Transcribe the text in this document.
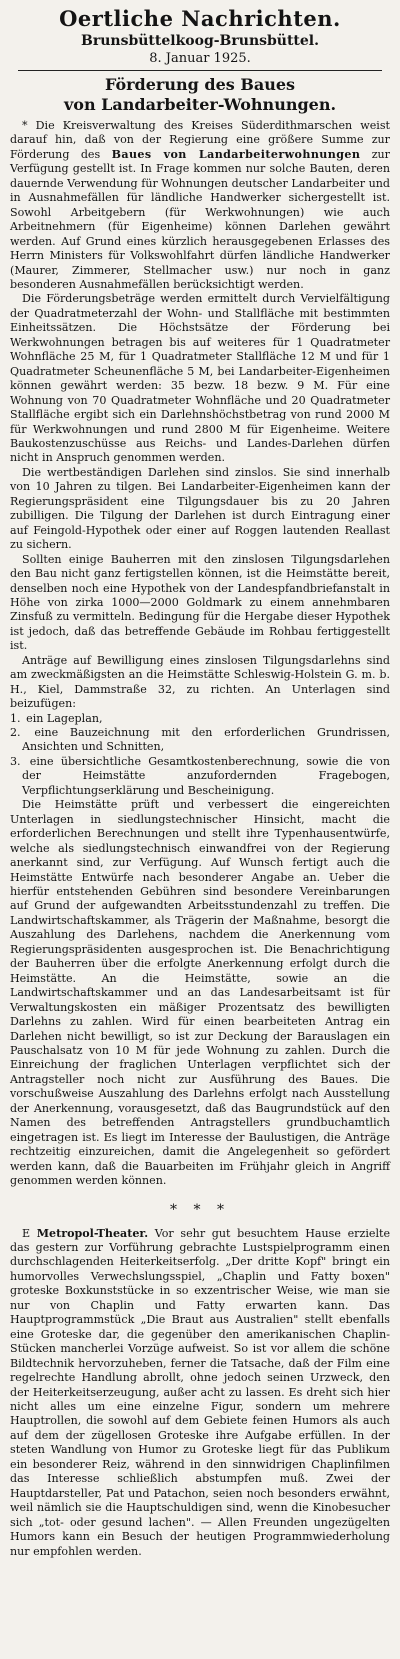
Oertliche Nachrichten.
Brunsbüttelkoog-Brunsbüttel.
8. Januar 1925.
Förderung des Baues
von Landarbeiter-Wohnungen.

* Die Kreisverwaltung des Kreises Süderdithmarschen weist darauf hin, daß von der Regierung eine größere Summe zur Förderung des Baues von Landarbeiterwohnungen zur Verfügung gestellt ist. In Frage kommen nur solche Bauten, deren dauernde Verwendung für Wohnungen deutscher Landarbeiter und in Ausnahmefällen für ländliche Handwerker sichergestellt ist. Sowohl Arbeitgebern (für Werkwohnungen) wie auch Arbeitnehmern (für Eigenheime) können Darlehen gewährt werden. Auf Grund eines kürzlich herausgegebenen Erlasses des Herrn Ministers für Volkswohlfahrt dürfen ländliche Handwerker (Maurer, Zimmerer, Stellmacher usw.) nur noch in ganz besonderen Ausnahmefällen berücksichtigt werden.

Die Förderungsbeträge werden ermittelt durch Vervielfältigung der Quadratmeterzahl der Wohn- und Stallfläche mit bestimmten Einheitssätzen. Die Höchstsätze der Förderung bei Werkwohnungen betragen bis auf weiteres für 1 Quadratmeter Wohnfläche 25 M, für 1 Quadratmeter Stallfläche 12 M und für 1 Quadratmeter Scheunenfläche 5 M, bei Landarbeiter-Eigenheimen können gewährt werden: 35 bezw. 18 bezw. 9 M. Für eine Wohnung von 70 Quadratmeter Wohnfläche und 20 Quadratmeter Stallfläche ergibt sich ein Darlehnshöchstbetrag von rund 2000 M für Werkwohnungen und rund 2800 M für Eigenheime. Weitere Baukostenzuschüsse aus Reichs- und Landes-Darlehen dürfen nicht in Anspruch genommen werden.

Die wertbeständigen Darlehen sind zinslos. Sie sind innerhalb von 10 Jahren zu tilgen. Bei Landarbeiter-Eigenheimen kann der Regierungspräsident eine Tilgungsdauer bis zu 20 Jahren zubilligen. Die Tilgung der Darlehen ist durch Eintragung einer auf Feingold-Hypothek oder einer auf Roggen lautenden Reallast zu sichern.

Sollten einige Bauherren mit den zinslosen Tilgungsdarlehen den Bau nicht ganz fertigstellen können, ist die Heimstätte bereit, denselben noch eine Hypothek von der Landespfandbriefanstalt in Höhe von zirka 1000—2000 Goldmark zu einem annehmbaren Zinsfuß zu vermitteln. Bedingung für die Hergabe dieser Hypothek ist jedoch, daß das betreffende Gebäude im Rohbau fertiggestellt ist.

Anträge auf Bewilligung eines zinslosen Tilgungsdarlehns sind am zweckmäßigsten an die Heimstätte Schleswig-Holstein G. m. b. H., Kiel, Dammstraße 32, zu richten. An Unterlagen sind beizufügen:

1. ein Lageplan,
2. eine Bauzeichnung mit den erforderlichen Grundrissen, Ansichten und Schnitten,
3. eine übersichtliche Gesamtkostenberechnung, sowie die von der Heimstätte anzufordernden Fragebogen, Verpflichtungserklärung und Bescheinigung.

Die Heimstätte prüft und verbessert die eingereichten Unterlagen in siedlungstechnischer Hinsicht, macht die erforderlichen Berechnungen und stellt ihre Typenhausentwürfe, welche als siedlungstechnisch einwandfrei von der Regierung anerkannt sind, zur Verfügung. Auf Wunsch fertigt auch die Heimstätte Entwürfe nach besonderer Angabe an. Ueber die hierfür entstehenden Gebühren sind besondere Vereinbarungen auf Grund der aufgewandten Arbeitsstundenzahl zu treffen. Die Landwirtschaftskammer, als Trägerin der Maßnahme, besorgt die Auszahlung des Darlehens, nachdem die Anerkennung vom Regierungspräsidenten ausgesprochen ist. Die Benachrichtigung der Bauherren über die erfolgte Anerkennung erfolgt durch die Heimstätte. An die Heimstätte, sowie an die Landwirtschaftskammer und an das Landesarbeitsamt ist für Verwaltungskosten ein mäßiger Prozentsatz des bewilligten Darlehns zu zahlen. Wird für einen bearbeiteten Antrag ein Darlehen nicht bewilligt, so ist zur Deckung der Barauslagen ein Pauschalsatz von 10 M für jede Wohnung zu zahlen. Durch die Einreichung der fraglichen Unterlagen verpflichtet sich der Antragsteller noch nicht zur Ausführung des Baues. Die vorschußweise Auszahlung des Darlehns erfolgt nach Ausstellung der Anerkennung, vorausgesetzt, daß das Baugrundstück auf den Namen des betreffenden Antragstellers grundbuchamtlich eingetragen ist. Es liegt im Interesse der Baulustigen, die Anträge rechtzeitig einzureichen, damit die Angelegenheit so gefördert werden kann, daß die Bauarbeiten im Frühjahr gleich in Angriff genommen werden können.

* * *

E Metropol-Theater. Vor sehr gut besuchtem Hause erzielte das gestern zur Vorführung gebrachte Lustspielprogramm einen durchschlagenden Heiterkeitserfolg. „Der dritte Kopf" bringt ein humorvolles Verwechslungsspiel, „Chaplin und Fatty boxen" groteske Boxkunststücke in so exzentrischer Weise, wie man sie nur von Chaplin und Fatty erwarten kann. Das Hauptprogrammstück „Die Braut aus Australien" stellt ebenfalls eine Groteske dar, die gegenüber den amerikanischen Chaplin-Stücken mancherlei Vorzüge aufweist. So ist vor allem die schöne Bildtechnik hervorzuheben, ferner die Tatsache, daß der Film eine regelrechte Handlung abrollt, ohne jedoch seinen Urzweck, den der Heiterkeitserzeugung, außer acht zu lassen. Es dreht sich hier nicht alles um eine einzelne Figur, sondern um mehrere Hauptrollen, die sowohl auf dem Gebiete feinen Humors als auch auf dem der zügellosen Groteske ihre Aufgabe erfüllen. In der steten Wandlung von Humor zu Groteske liegt für das Publikum ein besonderer Reiz, während in den sinnwidrigen Chaplinfilmen das Interesse schließlich abstumpfen muß. Zwei der Hauptdarsteller, Pat und Patachon, seien noch besonders erwähnt, weil nämlich sie die Hauptschuldigen sind, wenn die Kinobesucher sich „tot- oder gesund lachen". — Allen Freunden ungezügelten Humors kann ein Besuch der heutigen Programmwiederholung nur empfohlen werden.
